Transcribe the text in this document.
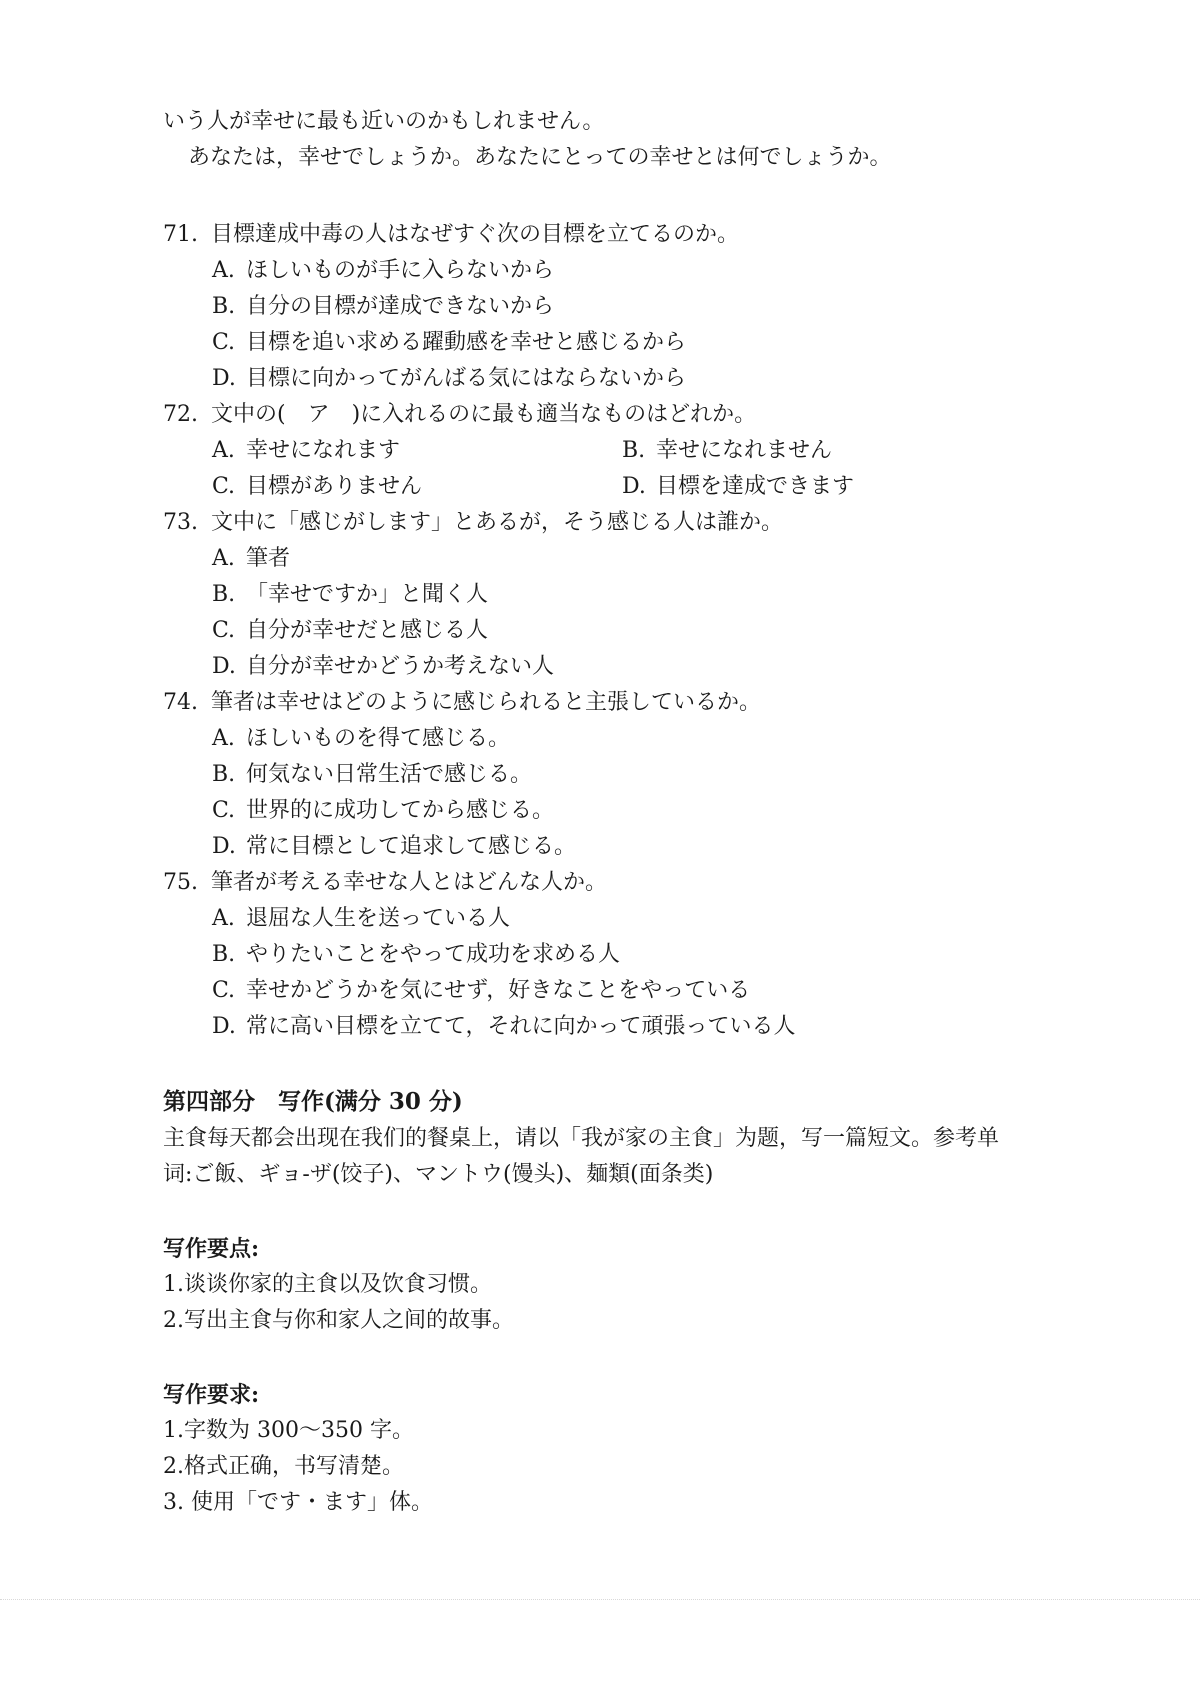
いう人が幸せに最も近いのかもしれません。
あなたは，幸せでしょうか。あなたにとっての幸せとは何でしょうか。
71. 目標達成中毒の人はなぜすぐ次の目標を立てるのか。
A. ほしいものが手に入らないから
B. 自分の目標が達成できないから
C. 目標を追い求める躍動感を幸せと感じるから
D. 目標に向かってがんばる気にはならないから
72. 文中の(　ア　)に入れるのに最も適当なものはどれか。
A. 幸せになれます	B. 幸せになれません
C. 目標がありません	D. 目標を達成できます
73. 文中に「感じがします」とあるが，そう感じる人は誰か。
A. 筆者
B. 「幸せですか」と聞く人
C. 自分が幸せだと感じる人
D. 自分が幸せかどうか考えない人
74. 筆者は幸せはどのように感じられると主張しているか。
A. ほしいものを得て感じる。
B. 何気ない日常生活で感じる。
C. 世界的に成功してから感じる。
D. 常に目標として追求して感じる。
75. 筆者が考える幸せな人とはどんな人か。
A. 退屈な人生を送っている人
B. やりたいことをやって成功を求める人
C. 幸せかどうかを気にせず，好きなことをやっている
D. 常に高い目標を立てて，それに向かって頑張っている人
第四部分　写作(满分 30 分)
主食每天都会出现在我们的餐桌上，请以「我が家の主食」为题，写一篇短文。参考单
词:ご飯、ギョ-ザ(饺子)、マントウ(馒头)、麺類(面条类)
写作要点:
1.谈谈你家的主食以及饮食习惯。
2.写出主食与你和家人之间的故事。
写作要求:
1.字数为 300～350 字。
2.格式正确，书写清楚。
3. 使用「です・ます」体。
